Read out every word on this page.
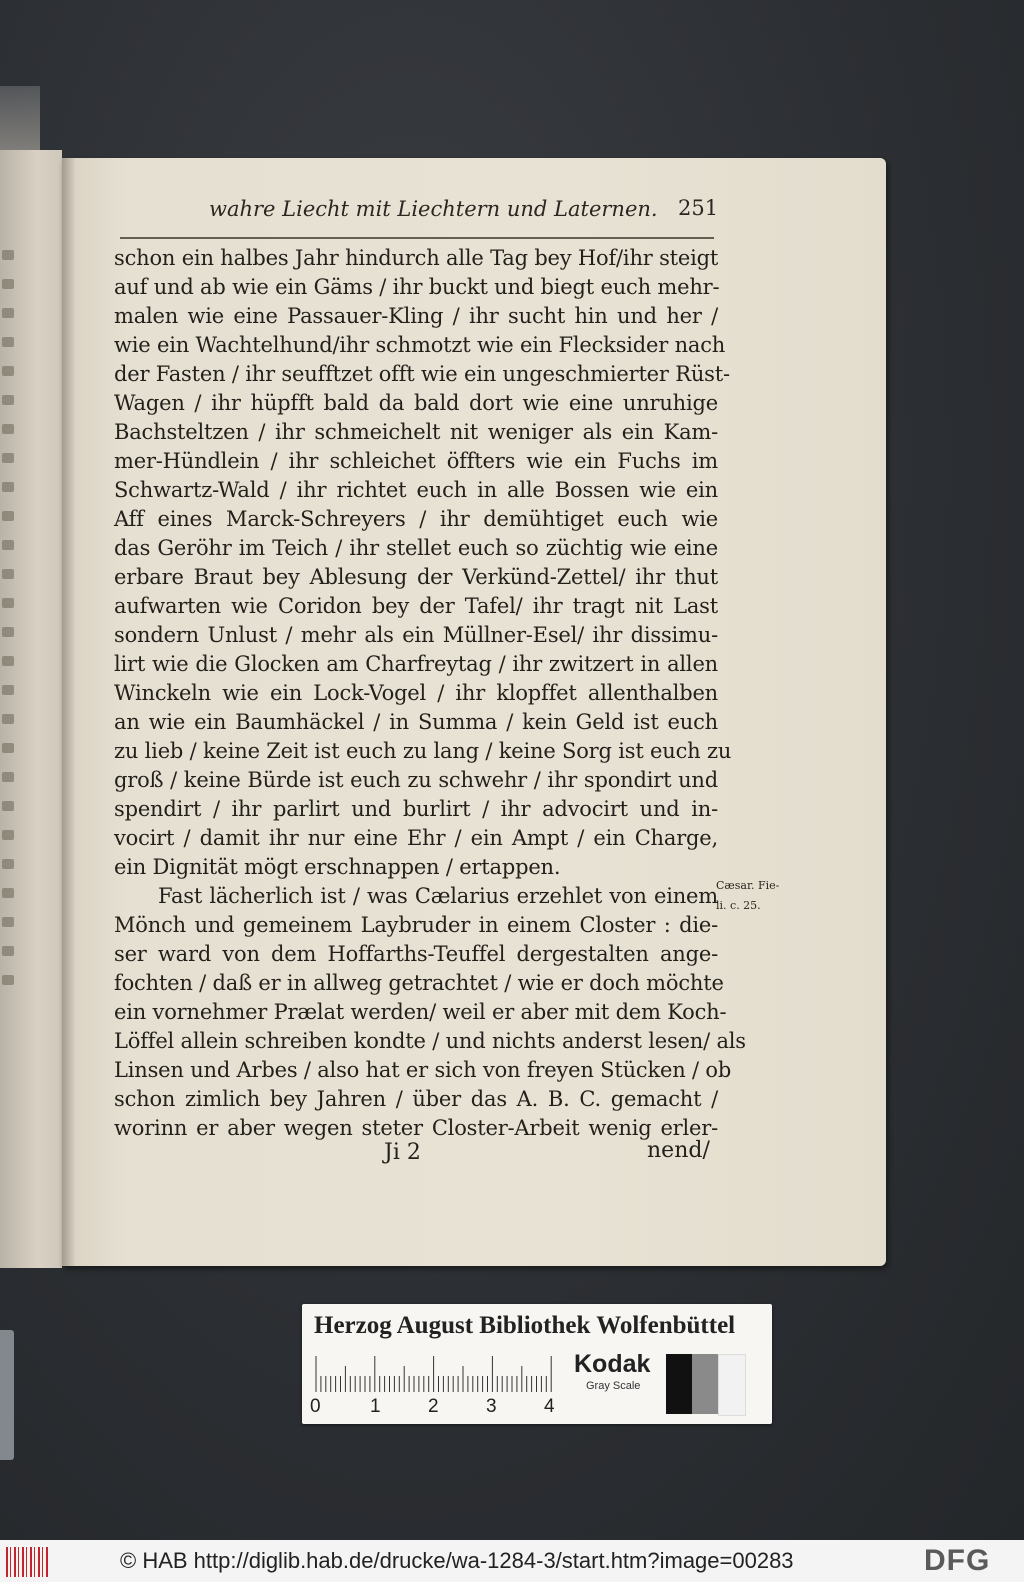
wahre Liecht mit Liechtern und Laternen. 251
schon ein halbes Jahr hindurch alle Tag bey Hof/ihr steigt
auf und ab wie ein Gäms / ihr buckt und biegt euch mehr-
malen wie eine Passauer-Kling / ihr sucht hin und her /
wie ein Wachtelhund/ihr schmotzt wie ein Flecksider nach
der Fasten / ihr seufftzet offt wie ein ungeschmierter Rüst-
Wagen / ihr hüpfft bald da bald dort wie eine unruhige
Bachsteltzen / ihr schmeichelt nit weniger als ein Kam-
mer-Hündlein / ihr schleichet öffters wie ein Fuchs im
Schwartz-Wald / ihr richtet euch in alle Bossen wie ein
Aff eines Marck-Schreyers / ihr demühtiget euch wie
das Geröhr im Teich / ihr stellet euch so züchtig wie eine
erbare Braut bey Ablesung der Verkünd-Zettel/ ihr thut
aufwarten wie Coridon bey der Tafel/ ihr tragt nit Last
sondern Unlust / mehr als ein Müllner-Esel/ ihr dissimu-
lirt wie die Glocken am Charfreytag / ihr zwitzert in allen
Winckeln wie ein Lock-Vogel / ihr klopffet allenthalben
an wie ein Baumhäckel / in Summa / kein Geld ist euch
zu lieb / keine Zeit ist euch zu lang / keine Sorg ist euch zu
groß / keine Bürde ist euch zu schwehr / ihr spondirt und
spendirt / ihr parlirt und burlirt / ihr advocirt und in-
vocirt / damit ihr nur eine Ehr / ein Ampt / ein Charge,
ein Dignität mögt erschnappen / ertappen.
Fast lächerlich ist / was Cælarius erzehlet von einem
Mönch und gemeinem Laybruder in einem Closter : die-
ser ward von dem Hoffarths-Teuffel dergestalten ange-
fochten / daß er in allweg getrachtet / wie er doch möchte
ein vornehmer Prælat werden/ weil er aber mit dem Koch-
Löffel allein schreiben kondte / und nichts anderst lesen/ als
Linsen und Arbes / also hat er sich von freyen Stücken / ob
schon zimlich bey Jahren / über das A. B. C. gemacht /
worinn er aber wegen steter Closter-Arbeit wenig erler-
Cæsar. Fie-
li. c. 25.
Ji 2	nend/
Herzog August Bibliothek Wolfenbüttel
0	1 2 3 4
Kodak
Gray Scale
© HAB http://diglib.hab.de/drucke/wa-1284-3/start.htm?image=00283	DFG
